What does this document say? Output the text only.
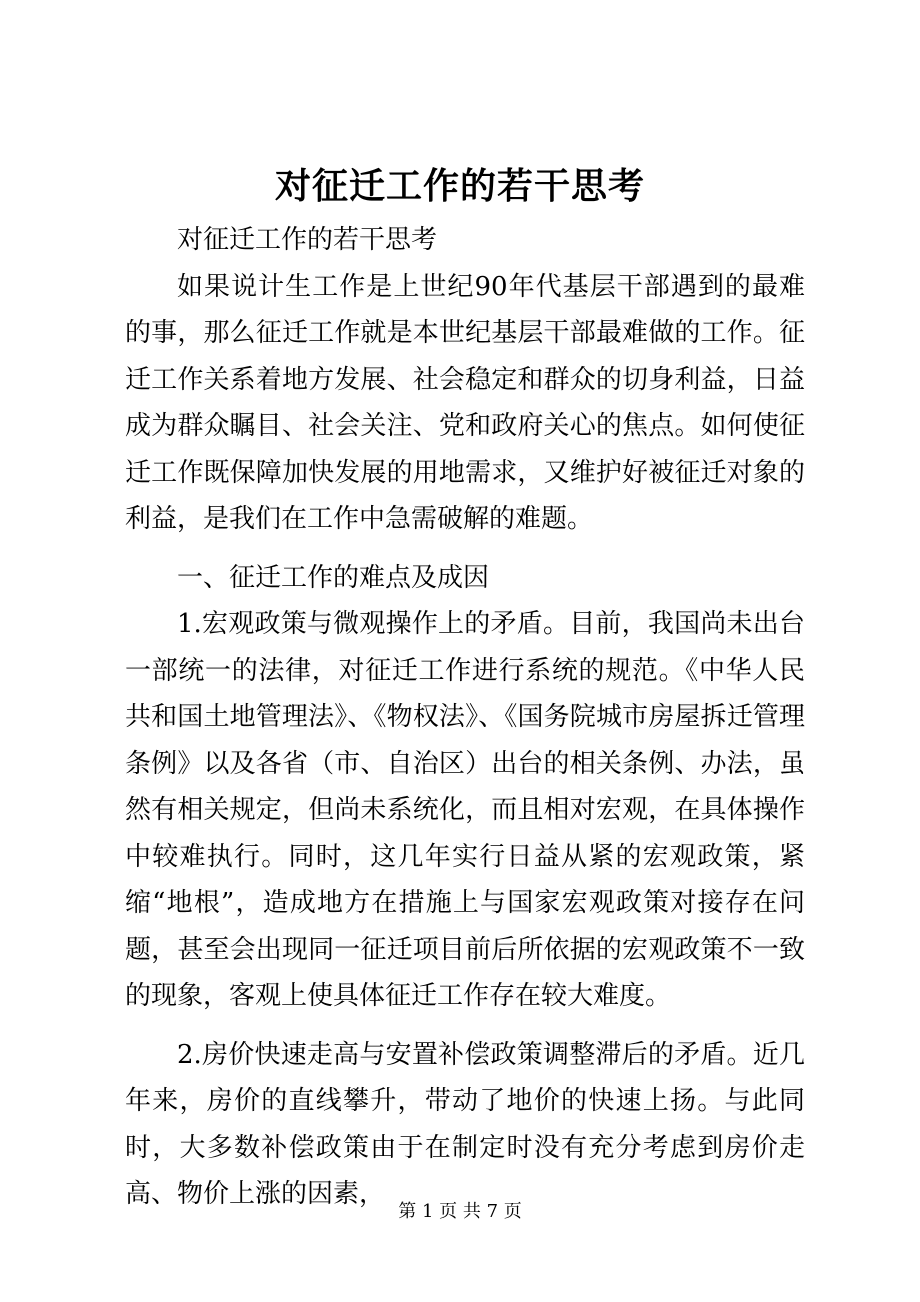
对征迁工作的若干思考

对征迁工作的若干思考

如果说计生工作是上世纪90年代基层干部遇到的最难的事，那么征迁工作就是本世纪基层干部最难做的工作。征迁工作关系着地方发展、社会稳定和群众的切身利益，日益成为群众瞩目、社会关注、党和政府关心的焦点。如何使征迁工作既保障加快发展的用地需求，又维护好被征迁对象的利益，是我们在工作中急需破解的难题。

一、征迁工作的难点及成因

1.宏观政策与微观操作上的矛盾。目前，我国尚未出台一部统一的法律，对征迁工作进行系统的规范。《中华人民共和国土地管理法》、《物权法》、《国务院城市房屋拆迁管理条例》以及各省（市、自治区）出台的相关条例、办法，虽然有相关规定，但尚未系统化，而且相对宏观，在具体操作中较难执行。同时，这几年实行日益从紧的宏观政策，紧缩“地根”，造成地方在措施上与国家宏观政策对接存在问题，甚至会出现同一征迁项目前后所依据的宏观政策不一致的现象，客观上使具体征迁工作存在较大难度。

2.房价快速走高与安置补偿政策调整滞后的矛盾。近几年来，房价的直线攀升，带动了地价的快速上扬。与此同时，大多数补偿政策由于在制定时没有充分考虑到房价走高、物价上涨的因素，

第 1 页 共 7 页
